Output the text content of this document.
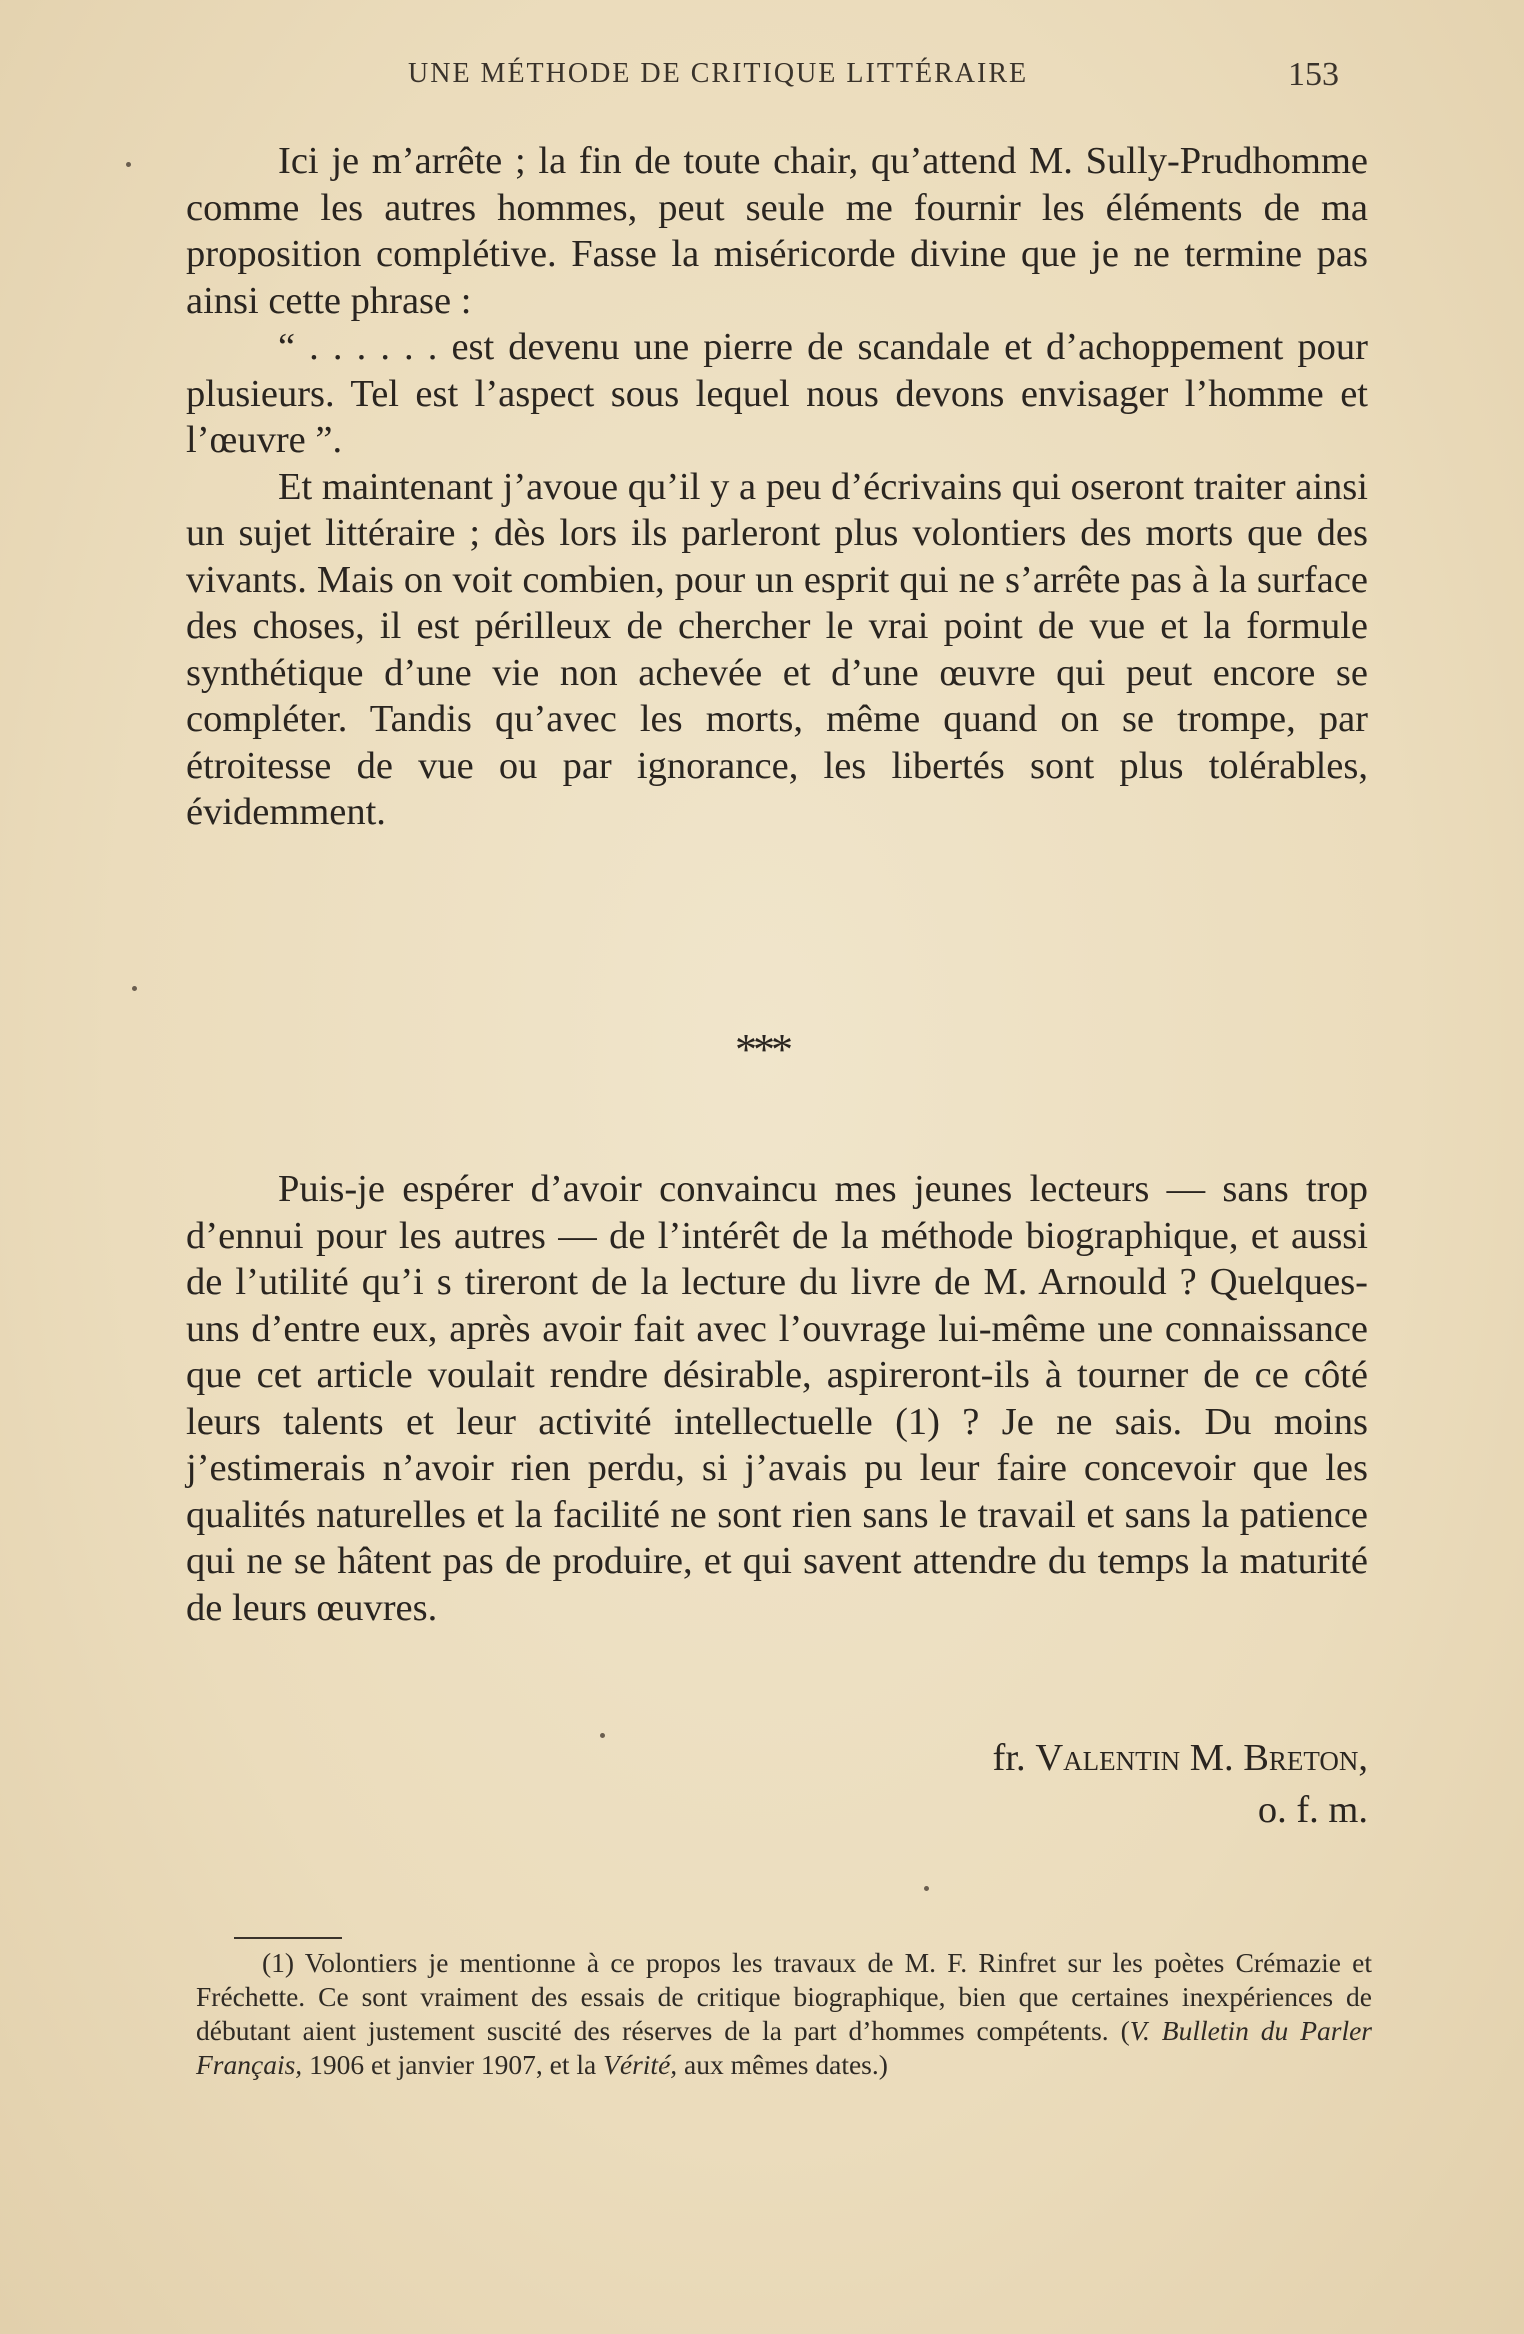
UNE MÉTHODE DE CRITIQUE LITTÉRAIRE	153

Ici je m’arrête ; la fin de toute chair, qu’attend M. Sully-Prudhomme comme les autres hommes, peut seule me fournir les éléments de ma proposition complétive. Fasse la miséricorde divine que je ne termine pas ainsi cette phrase :

“ . . . . . . est devenu une pierre de scandale et d’achoppement pour plusieurs. Tel est l’aspect sous lequel nous devons envisager l’homme et l’œuvre ”.

Et maintenant j’avoue qu’il y a peu d’écrivains qui oseront traiter ainsi un sujet littéraire ; dès lors ils parleront plus volontiers des morts que des vivants. Mais on voit combien, pour un esprit qui ne s’arrête pas à la surface des choses, il est périlleux de chercher le vrai point de vue et la formule synthétique d’une vie non achevée et d’une œuvre qui peut encore se compléter. Tandis qu’avec les morts, même quand on se trompe, par étroitesse de vue ou par ignorance, les libertés sont plus tolérables, évidemment.

***

Puis-je espérer d’avoir convaincu mes jeunes lecteurs — sans trop d’ennui pour les autres — de l’intérêt de la méthode biographique, et aussi de l’utilité qu’i s tireront de la lecture du livre de M. Arnould ? Quelques-uns d’entre eux, après avoir fait avec l’ouvrage lui-même une connaissance que cet article voulait rendre désirable, aspireront-ils à tourner de ce côté leurs talents et leur activité intellectuelle (1) ? Je ne sais. Du moins j’estimerais n’avoir rien perdu, si j’avais pu leur faire concevoir que les qualités naturelles et la facilité ne sont rien sans le travail et sans la patience qui ne se hâtent pas de produire, et qui savent attendre du temps la maturité de leurs œuvres.

fr. Valentin M. Breton,
o. f. m.

(1) Volontiers je mentionne à ce propos les travaux de M. F. Rinfret sur les poètes Crémazie et Fréchette. Ce sont vraiment des essais de critique biographique, bien que certaines inexpériences de débutant aient justement suscité des réserves de la part d’hommes compétents. (V. Bulletin du Parler Français, 1906 et janvier 1907, et la Vérité, aux mêmes dates.)
